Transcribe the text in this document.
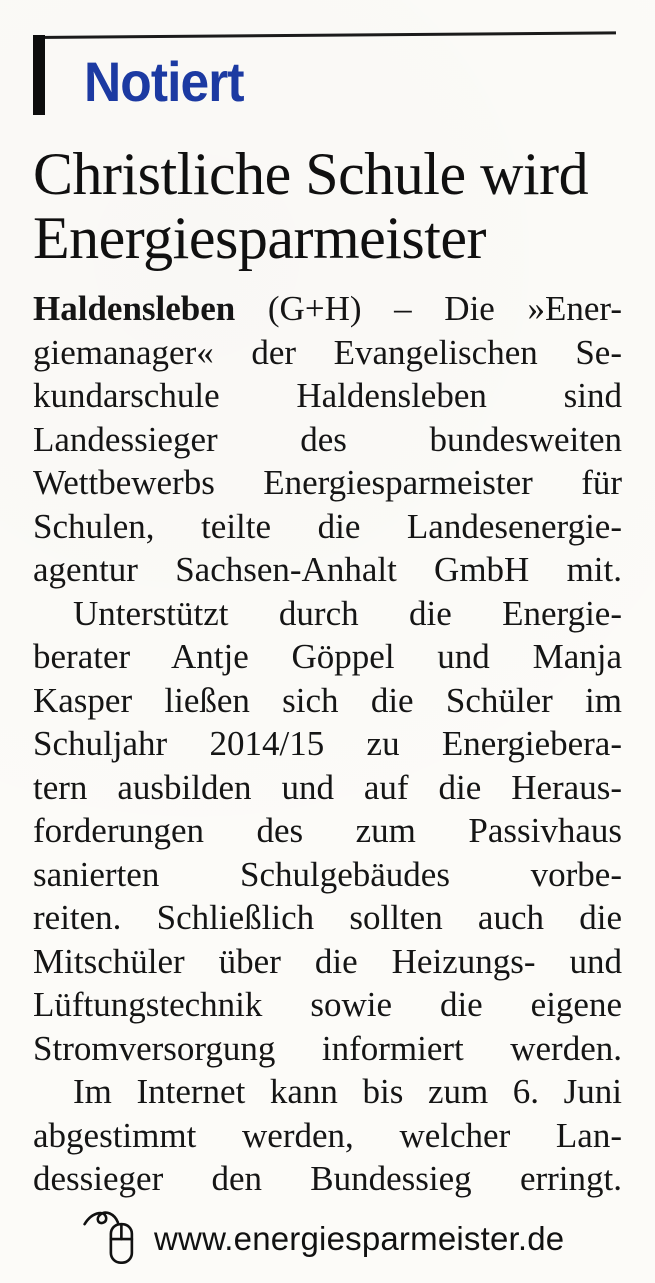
Notiert
Christliche Schule wird
Energiesparmeister
Haldensleben (G+H) – Die »Ener-
giemanager« der Evangelischen Se-
kundarschule Haldensleben sind
Landessieger des bundesweiten
Wettbewerbs Energiesparmeister für
Schulen, teilte die Landesenergie-
agentur Sachsen-Anhalt GmbH mit.
Unterstützt durch die Energie-
berater Antje Göppel und Manja
Kasper ließen sich die Schüler im
Schuljahr 2014/15 zu Energiebera-
tern ausbilden und auf die Heraus-
forderungen des zum Passivhaus
sanierten Schulgebäudes vorbe-
reiten. Schließlich sollten auch die
Mitschüler über die Heizungs- und
Lüftungstechnik sowie die eigene
Stromversorgung informiert werden.
Im Internet kann bis zum 6. Juni
abgestimmt werden, welcher Lan-
dessieger den Bundessieg erringt.
www.energiesparmeister.de
